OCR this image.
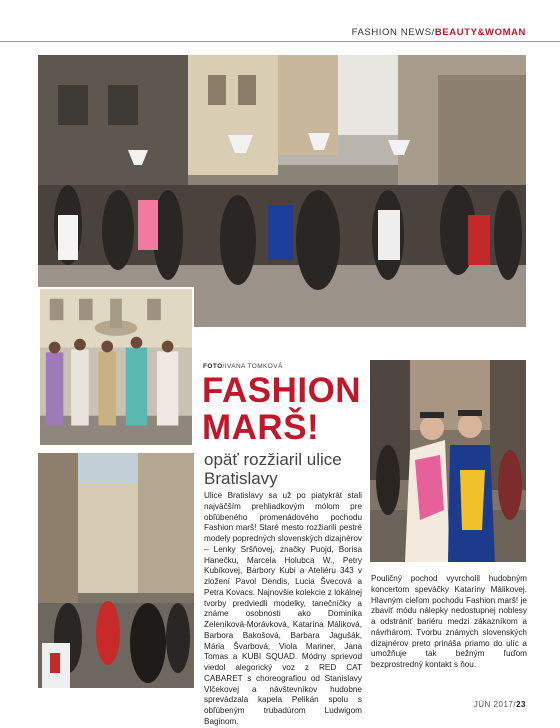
FASHION NEWS/BEAUTY&WOMAN
FOTO/IVANA TOMKOVÁ
FASHION
MARŠ!
opäť rozžiaril ulice Bratislavy
Ulice Bratislavy sa už po piatykrát stali najväčším prehliadkovým mólom pre obľúbeného promenádového pochodu Fashion marš! Staré mesto rozžiarili pestré modely popredných slovenských dizajnérov – Lenky Sršňovej, značky Puojd, Borisa Hanečku, Marcela Holubca W., Petry Kubíkovej, Barbory Kubi a Ateliéru 343 v zložení Pavol Dendis, Lucia Švecová a Petra Kovacs. Najnovšie kolekcie z lokálnej tvorby predviedli modelky, tanečníčky a známe osobnosti ako Dominika Zeleníková-Morávková, Katarína Máliková, Barbora Bakošová, Barbara Jagušák, Mária Švarbová, Viola Mariner, Jana Tomas a KUBI SQUAD. Módny sprievod viedol alegorický voz z RED CAT CABARET s choreografiou od Stanislavy Vlčekovej a návštevníkov hudobne sprevádzala kapela Pelikán spolu s obľúbeným trubadúrom Ludwigom Baginom.
Pouličný pochod vyvrcholil hudobným koncertom speváčky Kataríny Málikovej. Hlavným cieľom pochodu Fashion marš! je zbaviť módu nálepky nedostupnej noblesy a odstrániť bariéru medzi zákazníkom a návrhárom. Tvorbu známych slovenských dizajnérov preto prináša priamo do ulíc a umožňuje tak bežným ľuďom bezprostredný kontakt s ňou.
JÚN 2017/23
